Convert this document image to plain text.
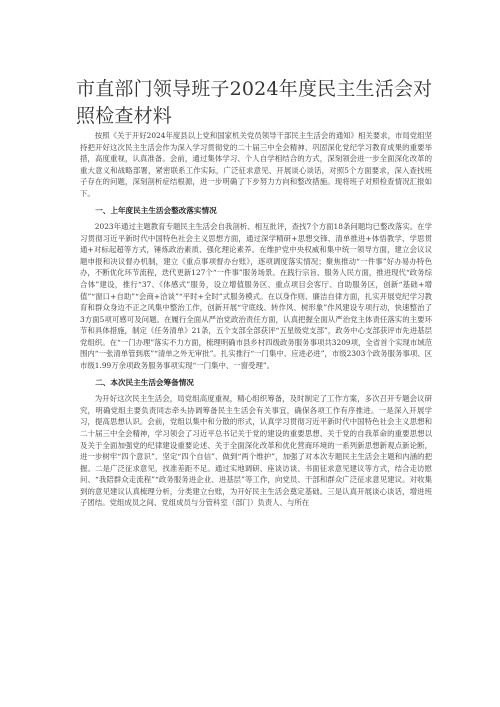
市直部门领导班子2024年度民主生活会对照检查材料

按照《关于开好2024年度县以上党和国家机关党员领导干部民主生活会的通知》相关要求，市局党组坚持把开好这次民主生活会作为深入学习贯彻党的二十届三中全会精神、巩固深化党纪学习教育成果的重要举措，高度重视，认真准备。会前，通过集体学习、个人自学相结合的方式，深刻领会进一步全面深化改革的重大意义和战略部署，紧密联系工作实际，广泛征求意见、开展谈心谈话，对照5个方面要求，深入查找班子存在的问题，深刻剖析症结根源，进一步明确了下步努力方向和整改措施。现将班子对照检查情况汇报如下。

一、上年度民主生活会整改落实情况

2023年通过主题教育专题民主生活会自我剖析、相互批评，查找7个方面18条问题均已整改落实。在学习贯彻习近平新时代中国特色社会主义思想方面，通过深学精研+思想交锋、清单推进+体悟教学、学思贯通+对标起超等方式，锤炼政治素质、强化理论素养。在维护党中央权威和集中统一领导方面，建立会议议题申报和决议督办机制，建立《重点事项督办台账》，逐项调度落实情况；聚焦推动“一件事”好办易办特色办，不断优化环节流程，迭代更新127个“一件事”服务场景。在践行宗旨、服务人民方面，推进现代“政务综合体”建设，推行“37、《体感式”服务，设立增值服务区、重点项目会客厅、自助服务区，创新“基础+增值”“窗口+自助”“会商+洽谈”“平时+全时”式服务模式。在以身作则、廉洁自律方面，扎实开展党纪学习教育和群众身边不正之风集中整治工作，创新开展“守底线、转作风、树形象”作风建设专项行动，快速整治了3方面5项可感可及问题。在履行全面从严治党政治责任方面，认真把握全面从严治党主体责任落实的主要环节和具体措施，制定《任务清单》21条，五个支部全部获评“五星级党支部”，政务中心支部获评市先进基层党组织。在“一门办理”落实不力方面，梳理明确市县乡村四级政务服务事项共3209项，全省首个实现市域范围内“一张清单管到底”“清单之外无审批”。扎实推行“一门集中、应进必进”，市级2303个政务服务事项、区市级1.99万余项政务服务事项实现“一门集中、一窗受理”。

二、本次民主生活会筹备情况

为开好这次民主生活会，局党组高度重视，精心组织筹备，及时制定了工作方案，多次召开专题会议研究，明确党组主要负责同志牵头协调筹备民主生活会有关事宜，确保各项工作有序推进。一是深入开展学习，提高思想认识。会前，党组以集中和分散的形式，认真学习贯彻习近平新时代中国特色社会主义思想和二十届三中全会精神，学习领会了习近平总书记关于党的建设的重要思想、关于党的自我革命的重要思想以及关于全面加强党的纪律建设重要论述、关于全面深化改革和优化营商环境的一系列新思想新观点新论断，进一步树牢“四个意识”、坚定“四个自信”、做到“两个维护”，加强了对本次专题民主生活会主题和内涵的把握。二是广泛征求意见，找准差距不足。通过实地调研、座谈访谈、书面征求意见建议等方式，结合走访慰问、“我陪群众走流程”“政务服务进企业、进基层”等工作，向党员、干部和群众广泛征求意见建议。对收集到的意见建议认真梳理分析，分类建立台账，为开好民主生活会奠定基础。三是认真开展谈心谈话，增进班子团结。党组成员之间、党组成员与分管科室（部门）负责人、与所在
